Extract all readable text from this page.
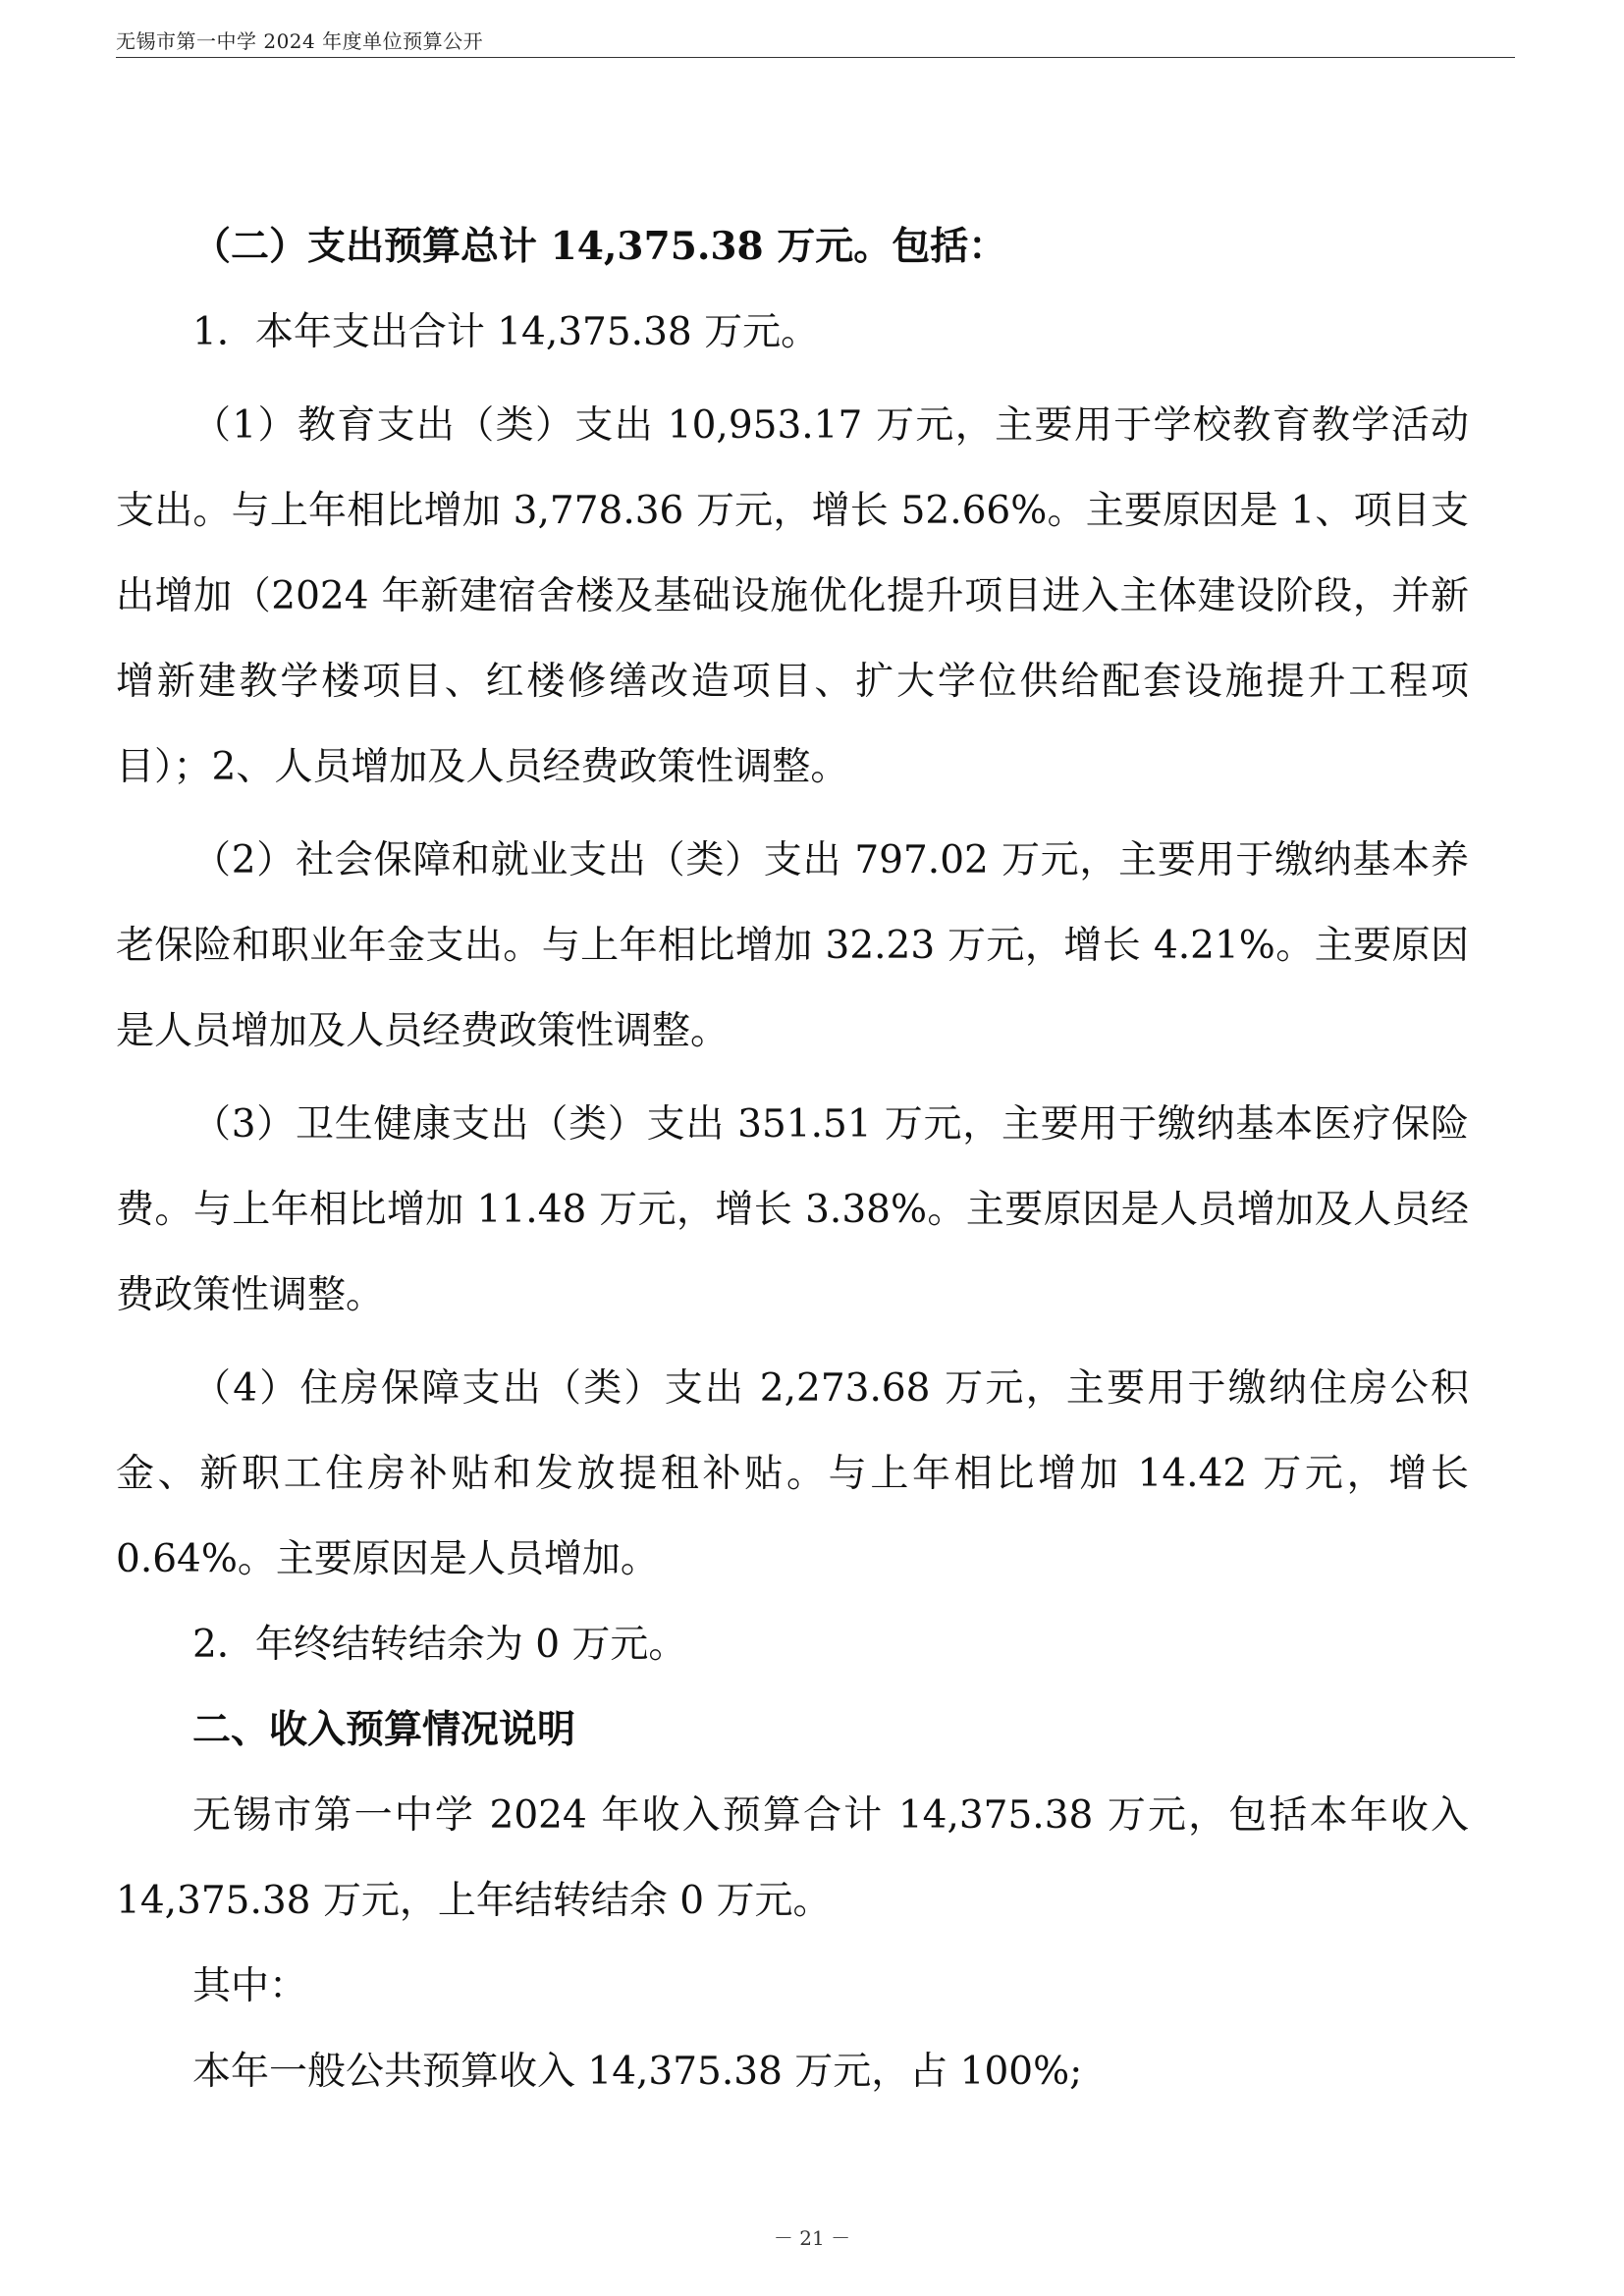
无锡市第一中学 2024 年度单位预算公开

（二）支出预算总计 14,375.38 万元。包括：

1．本年支出合计 14,375.38 万元。

（1）教育支出（类）支出 10,953.17 万元，主要用于学校教育教学活动支出。与上年相比增加 3,778.36 万元，增长 52.66%。主要原因是 1、项目支出增加（2024 年新建宿舍楼及基础设施优化提升项目进入主体建设阶段，并新增新建教学楼项目、红楼修缮改造项目、扩大学位供给配套设施提升工程项目）；2、人员增加及人员经费政策性调整。

（2）社会保障和就业支出（类）支出 797.02 万元，主要用于缴纳基本养老保险和职业年金支出。与上年相比增加 32.23 万元，增长 4.21%。主要原因是人员增加及人员经费政策性调整。

（3）卫生健康支出（类）支出 351.51 万元，主要用于缴纳基本医疗保险费。与上年相比增加 11.48 万元，增长 3.38%。主要原因是人员增加及人员经费政策性调整。

（4）住房保障支出（类）支出 2,273.68 万元，主要用于缴纳住房公积金、新职工住房补贴和发放提租补贴。与上年相比增加 14.42 万元，增长 0.64%。主要原因是人员增加。

2．年终结转结余为 0 万元。

二、收入预算情况说明

无锡市第一中学 2024 年收入预算合计 14,375.38 万元，包括本年收入 14,375.38 万元，上年结转结余 0 万元。

其中：

本年一般公共预算收入 14,375.38 万元，占 100%;

－ 21 －
